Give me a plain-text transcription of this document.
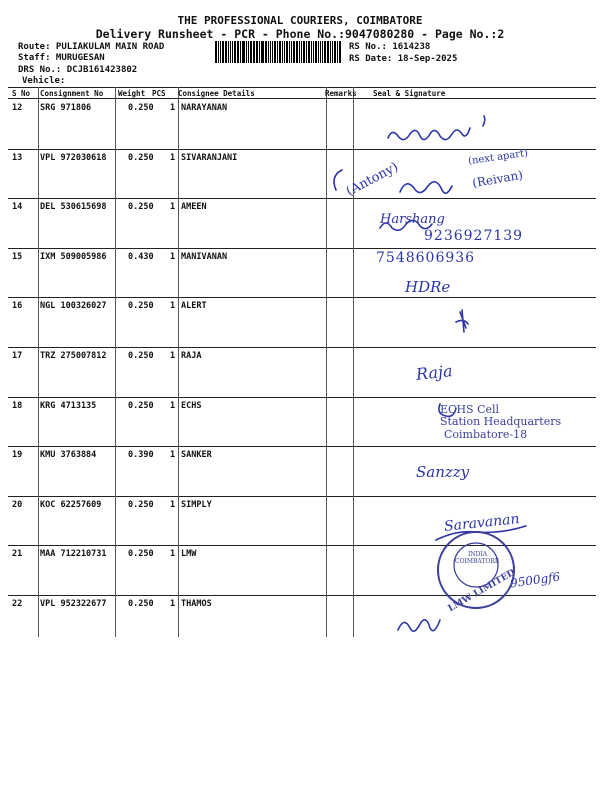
THE PROFESSIONAL COURIERS, COIMBATORE
Delivery Runsheet - PCR - Phone No.:9047080280 - Page No.:2
Route: PULIAKULAM MAIN ROAD
Staff: MURUGESAN
DRS No.: DCJB161423802
Vehicle:
RS No.: 1614238
RS Date: 18-Sep-2025
S No Consignment No Weight PCS Consignee Details	Remarks Seal & Signature
12 SRG 971806	0.250 1 NARAYANAN
13 VPL 972030618	0.250 1 SIVARANJANI
14 DEL 530615698	0.250 1 AMEEN
15 IXM 509005986	0.430 1 MANIVANAN
16 NGL 100326027	0.250 1 ALERT
17 TRZ 275007812	0.250 1 RAJA
18 KRG 4713135	0.250 1 ECHS
19 KMU 3763884	0.390 1 SANKER
20 KOC 62257609	0.250 1 SIMPLY
21 MAA 712210731	0.250 1 LMW
22 VPL 952322677	0.250 1 THAMOS
(Antony)
(next apart)
(Reivan)
Harshang
9236927139
7548606936
HDRe
Raja
Sanzzy
Saravanan
9500gf6
ECHS Cell
Station Headquarters
Coimbatore-18
LMW LIMITED
COIMBATORE
INDIA
